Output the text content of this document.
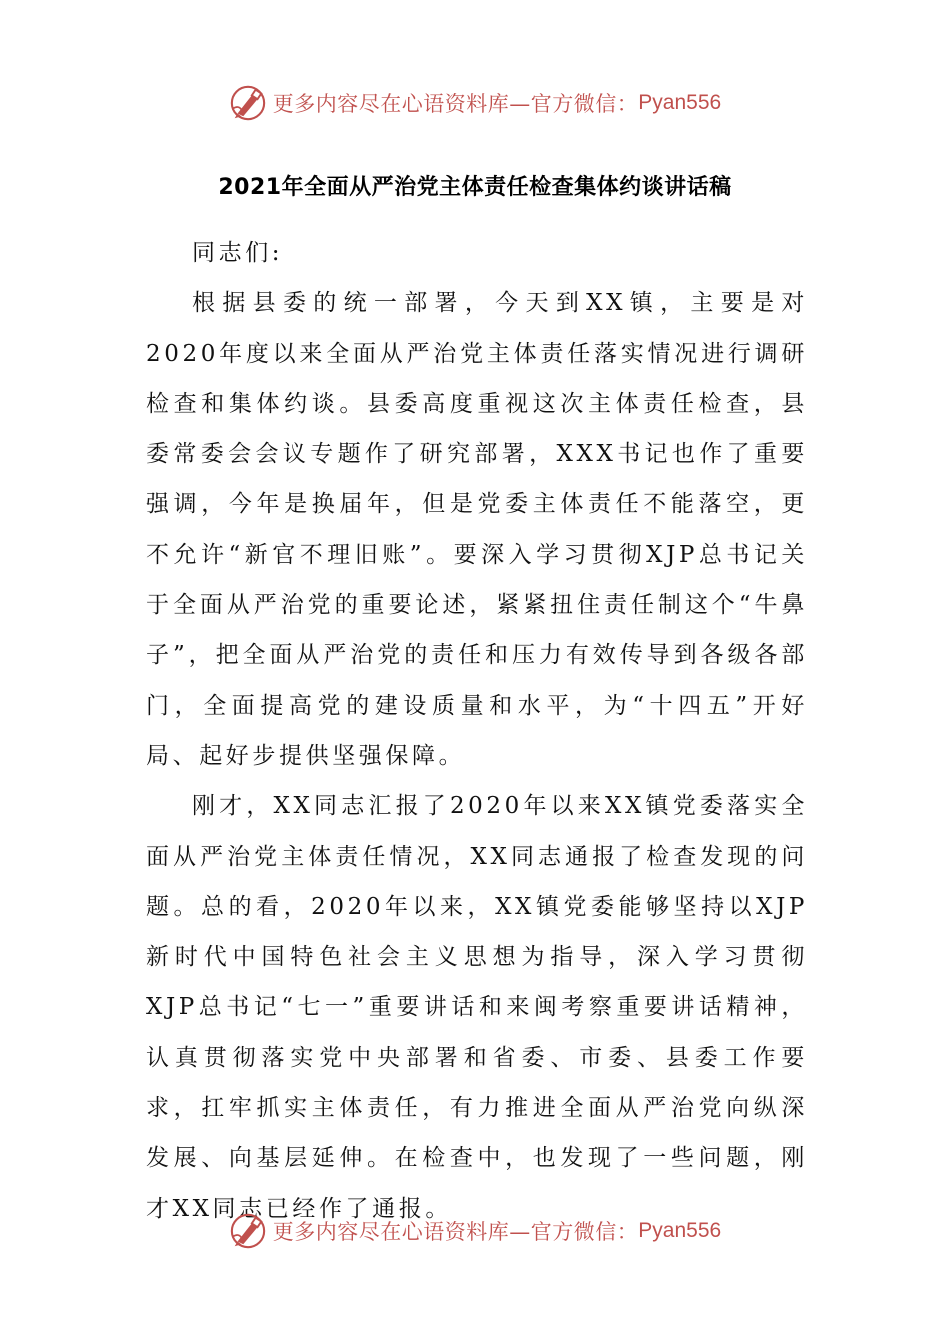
更多内容尽在心语资料库—官方微信： Pyan556
2021年全面从严治党主体责任检查集体约谈讲话稿

同志们:

根据县委的统一部署，今天到XX镇，主要是对2020年度以来全面从严治党主体责任落实情况进行调研检查和集体约谈。县委高度重视这次主体责任检查，县委常委会会议专题作了研究部署，XXX书记也作了重要强调，今年是换届年，但是党委主体责任不能落空，更不允许“新官不理旧账”。要深入学习贯彻XJP总书记关于全面从严治党的重要论述，紧紧扭住责任制这个“牛鼻子”，把全面从严治党的责任和压力有效传导到各级各部门，全面提高党的建设质量和水平，为“十四五”开好局、起好步提供坚强保障。

刚才，XX同志汇报了2020年以来XX镇党委落实全面从严治党主体责任情况，XX同志通报了检查发现的问题。总的看，2020年以来，XX镇党委能够坚持以XJP新时代中国特色社会主义思想为指导，深入学习贯彻XJP总书记“七一”重要讲话和来闽考察重要讲话精神，认真贯彻落实党中央部署和省委、市委、县委工作要求，扛牢抓实主体责任，有力推进全面从严治党向纵深发展、向基层延伸。在检查中，也发现了一些问题，刚才XX同志已经作了通报。

更多内容尽在心语资料库—官方微信： Pyan556
